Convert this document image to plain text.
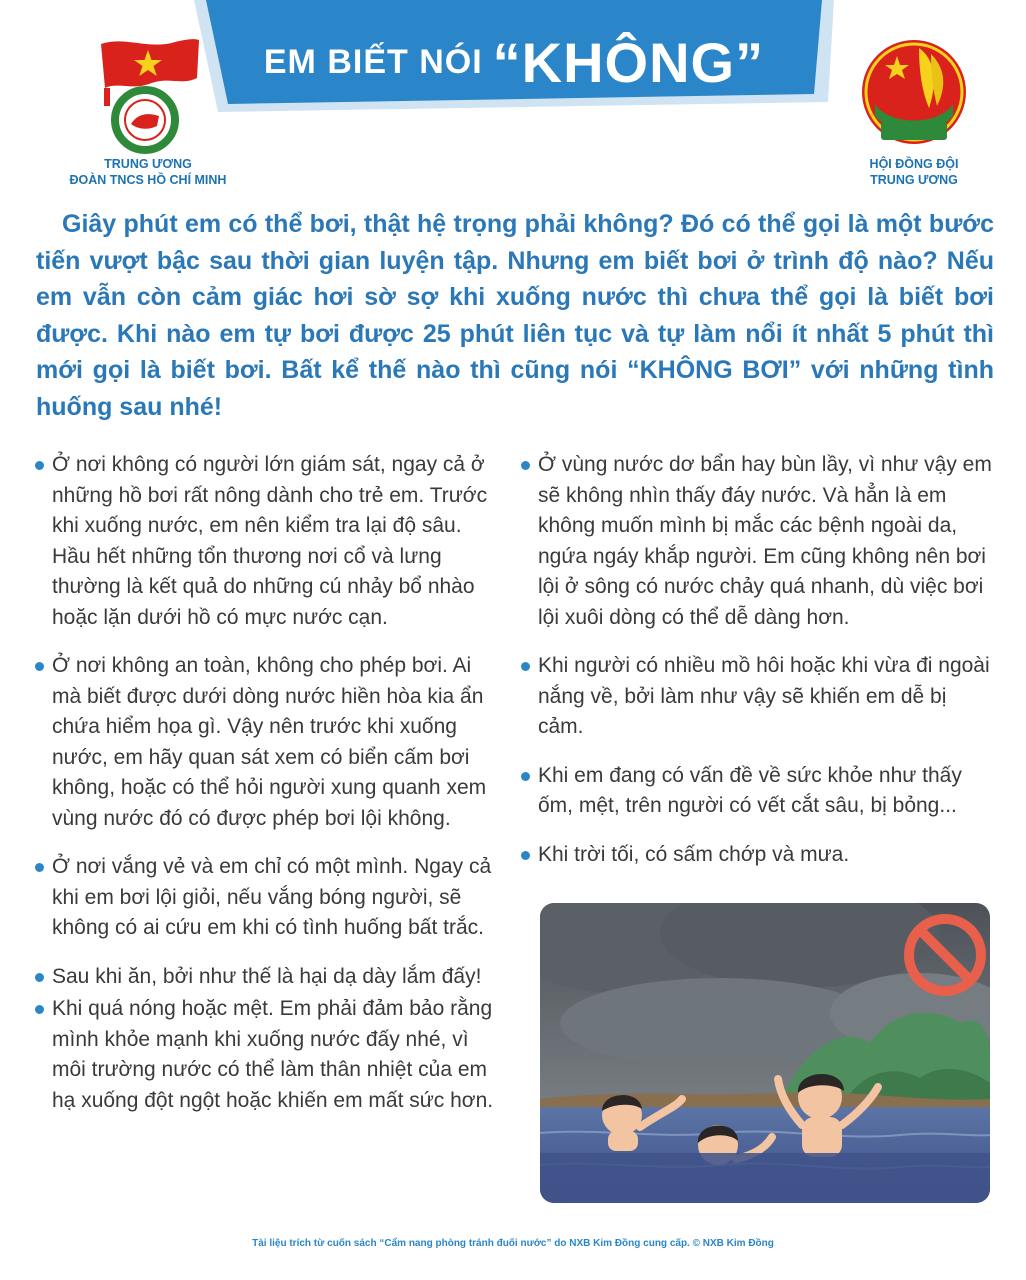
EM BIẾT NÓI “KHÔNG”
TRUNG ƯƠNG
ĐOÀN TNCS HỒ CHÍ MINH
HỘI ĐỒNG ĐỘI
TRUNG ƯƠNG

Giây phút em có thể bơi, thật hệ trọng phải không? Đó có thể gọi là một bước tiến vượt bậc sau thời gian luyện tập. Nhưng em biết bơi ở trình độ nào? Nếu em vẫn còn cảm giác hơi sờ sợ khi xuống nước thì chưa thể gọi là biết bơi được. Khi nào em tự bơi được 25 phút liên tục và tự làm nổi ít nhất 5 phút thì mới gọi là biết bơi. Bất kể thế nào thì cũng nói “KHÔNG BƠI” với những tình huống sau nhé!

Ở nơi không có người lớn giám sát, ngay cả ở những hồ bơi rất nông dành cho trẻ em. Trước khi xuống nước, em nên kiểm tra lại độ sâu. Hầu hết những tổn thương nơi cổ và lưng thường là kết quả do những cú nhảy bổ nhào hoặc lặn dưới hồ có mực nước cạn.

Ở nơi không an toàn, không cho phép bơi. Ai mà biết được dưới dòng nước hiền hòa kia ẩn chứa hiểm họa gì. Vậy nên trước khi xuống nước, em hãy quan sát xem có biển cấm bơi không, hoặc có thể hỏi người xung quanh xem vùng nước đó có được phép bơi lội không.

Ở nơi vắng vẻ và em chỉ có một mình. Ngay cả khi em bơi lội giỏi, nếu vắng bóng người, sẽ không có ai cứu em khi có tình huống bất trắc.

Sau khi ăn, bởi như thế là hại dạ dày lắm đấy!

Khi quá nóng hoặc mệt. Em phải đảm bảo rằng mình khỏe mạnh khi xuống nước đấy nhé, vì môi trường nước có thể làm thân nhiệt của em hạ xuống đột ngột hoặc khiến em mất sức hơn.

Ở vùng nước dơ bẩn hay bùn lầy, vì như vậy em sẽ không nhìn thấy đáy nước. Và hẳn là em không muốn mình bị mắc các bệnh ngoài da, ngứa ngáy khắp người. Em cũng không nên bơi lội ở sông có nước chảy quá nhanh, dù việc bơi lội xuôi dòng có thể dễ dàng hơn.

Khi người có nhiều mồ hôi hoặc khi vừa đi ngoài nắng về, bởi làm như vậy sẽ khiến em dễ bị cảm.

Khi em đang có vấn đề về sức khỏe như thấy ốm, mệt, trên người có vết cắt sâu, bị bỏng...

Khi trời tối, có sấm chớp và mưa.

Tài liệu trích từ cuốn sách “Cẩm nang phòng tránh đuối nước” do NXB Kim Đồng cung cấp. © NXB Kim Đồng
